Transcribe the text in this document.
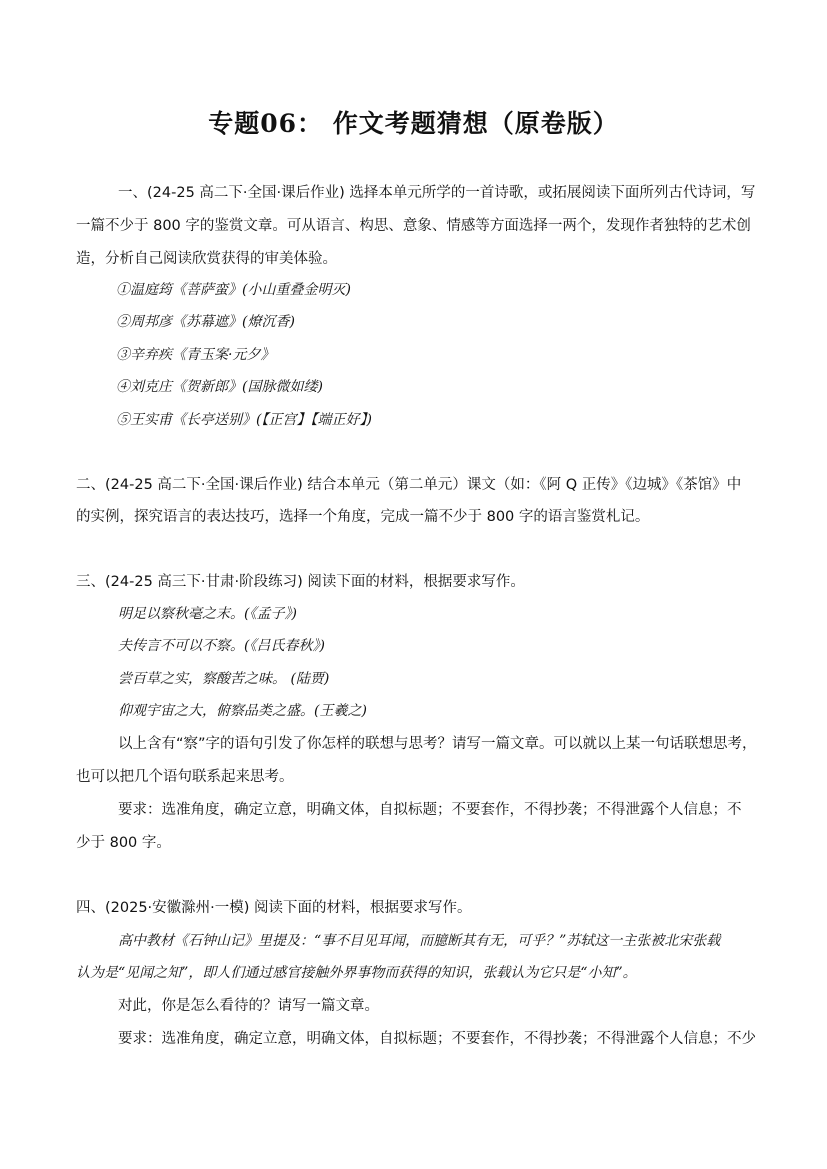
专题06： 作文考题猜想（原卷版）
一、(24-25 高二下·全国·课后作业) 选择本单元所学的一首诗歌，或拓展阅读下面所列古代诗词，写
一篇不少于 800 字的鉴赏文章。可从语言、构思、意象、情感等方面选择一两个，发现作者独特的艺术创
造，分析自己阅读欣赏获得的审美体验。
①温庭筠《菩萨蛮》(小山重叠金明灭)
②周邦彦《苏幕遮》(燎沉香)
③辛弃疾《青玉案·元夕》
④刘克庄《贺新郎》(国脉微如缕)
⑤王实甫《长亭送别》(【正宫】【端正好】)
二、(24-25 高二下·全国·课后作业) 结合本单元（第二单元）课文（如：《阿 Q 正传》《边城》《茶馆》中
的实例，探究语言的表达技巧，选择一个角度，完成一篇不少于 800 字的语言鉴赏札记。
三、(24-25 高三下·甘肃·阶段练习) 阅读下面的材料，根据要求写作。
明足以察秋毫之末。(《孟子》)
夫传言不可以不察。(《吕氏春秋》)
尝百草之实，察酸苦之味。 (陆贾)
仰观宇宙之大，俯察品类之盛。(王羲之)
以上含有“察”字的语句引发了你怎样的联想与思考？请写一篇文章。可以就以上某一句话联想思考，
也可以把几个语句联系起来思考。
要求：选准角度，确定立意，明确文体，自拟标题；不要套作，不得抄袭；不得泄露个人信息；不
少于 800 字。
四、(2025·安徽滁州·一模) 阅读下面的材料，根据要求写作。
高中教材《石钟山记》里提及：“事不目见耳闻，而臆断其有无，可乎？”苏轼这一主张被北宋张载
认为是“见闻之知”，即人们通过感官接触外界事物而获得的知识，张载认为它只是“小知”。
对此，你是怎么看待的？请写一篇文章。
要求：选准角度，确定立意，明确文体，自拟标题；不要套作，不得抄袭；不得泄露个人信息；不少
